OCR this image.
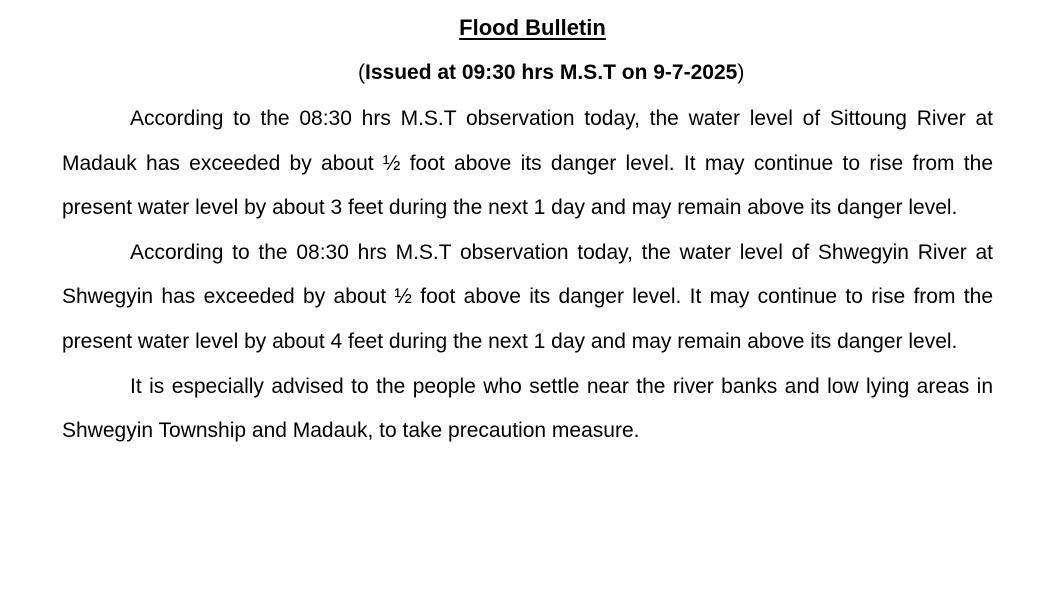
Flood Bulletin

(Issued at 09:30 hrs M.S.T on 9-7-2025)

According to the 08:30 hrs M.S.T observation today, the water level of Sittoung River at Madauk has exceeded by about ½ foot above its danger level. It may continue to rise from the present water level by about 3 feet during the next 1 day and may remain above its danger level.

According to the 08:30 hrs M.S.T observation today, the water level of Shwegyin River at Shwegyin has exceeded by about ½ foot above its danger level. It may continue to rise from the present water level by about 4 feet during the next 1 day and may remain above its danger level.

It is especially advised to the people who settle near the river banks and low lying areas in Shwegyin Township and Madauk, to take precaution measure.
